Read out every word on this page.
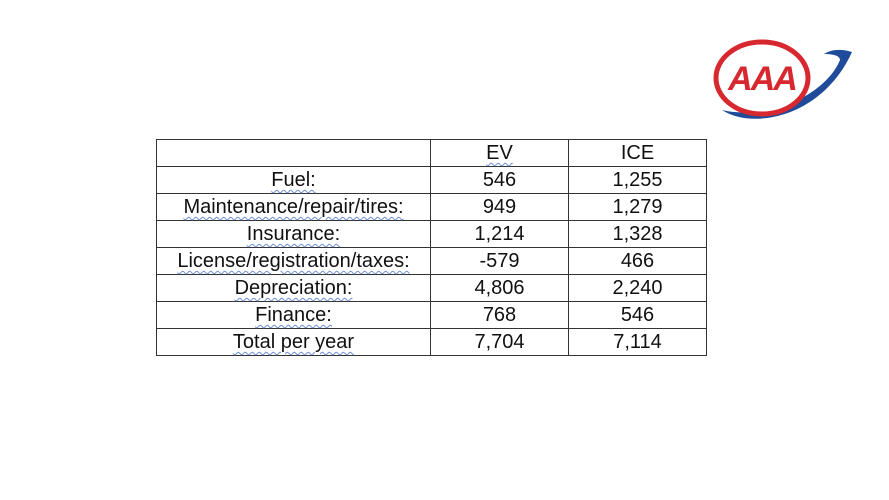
AAA
	EV	ICE
Fuel:	546	1,255
Maintenance/repair/tires:	949	1,279
Insurance:	1,214	1,328
License/registration/taxes:	-579	466
Depreciation:	4,806	2,240
Finance:	768	546
Total per year	7,704	7,114
